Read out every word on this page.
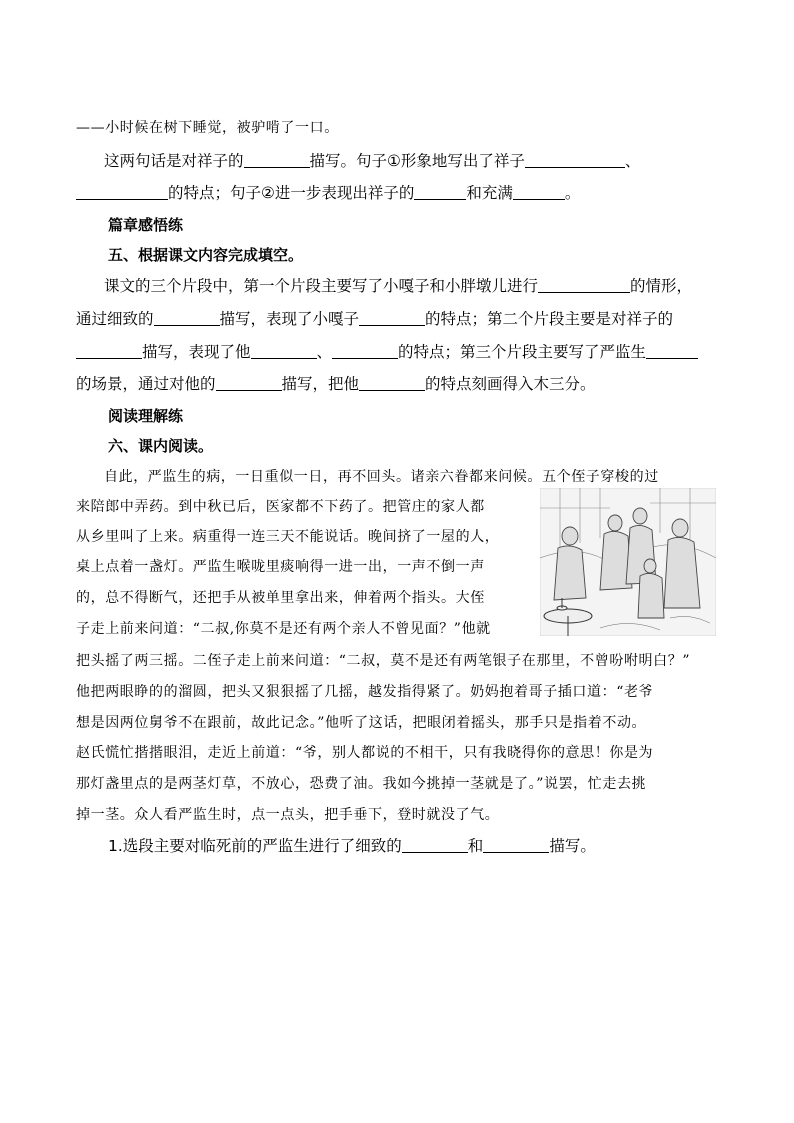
——小时候在树下睡觉，被驴啃了一口。
这两句话是对祥子的	描写。句子①形象地写出了祥子	、
的特点；句子②进一步表现出祥子的	和充满	。
篇章感悟练
五、根据课文内容完成填空。
课文的三个片段中，第一个片段主要写了小嘎子和小胖墩儿进行	的情形，
通过细致的	描写，表现了小嘎子	的特点；第二个片段主要是对祥子的
描写，表现了他	、	的特点；第三个片段主要写了严监生
的场景，通过对他的	描写，把他	的特点刻画得入木三分。
阅读理解练
六、课内阅读。
自此，严监生的病，一日重似一日，再不回头。诸亲六眷都来问候。五个侄子穿梭的过
来陪郎中弄药。到中秋已后，医家都不下药了。把管庄的家人都
从乡里叫了上来。病重得一连三天不能说话。晚间挤了一屋的人，
桌上点着一盏灯。严监生喉咙里痰响得一进一出，一声不倒一声
的，总不得断气，还把手从被单里拿出来，伸着两个指头。大侄
子走上前来问道：“二叔,你莫不是还有两个亲人不曾见面？”他就
把头摇了两三摇。二侄子走上前来问道：“二叔，莫不是还有两笔银子在那里，不曾吩咐明白？”
他把两眼睁的的溜圆，把头又狠狠摇了几摇，越发指得紧了。奶妈抱着哥子插口道：“老爷
想是因两位舅爷不在跟前，故此记念。”他听了这话，把眼闭着摇头，那手只是指着不动。
赵氏慌忙揩揩眼泪，走近上前道：“爷，别人都说的不相干，只有我晓得你的意思！你是为
那灯盏里点的是两茎灯草，不放心，恐费了油。我如今挑掉一茎就是了。”说罢，忙走去挑
掉一茎。众人看严监生时，点一点头，把手垂下，登时就没了气。
1.选段主要对临死前的严监生进行了细致的	和	描写。
